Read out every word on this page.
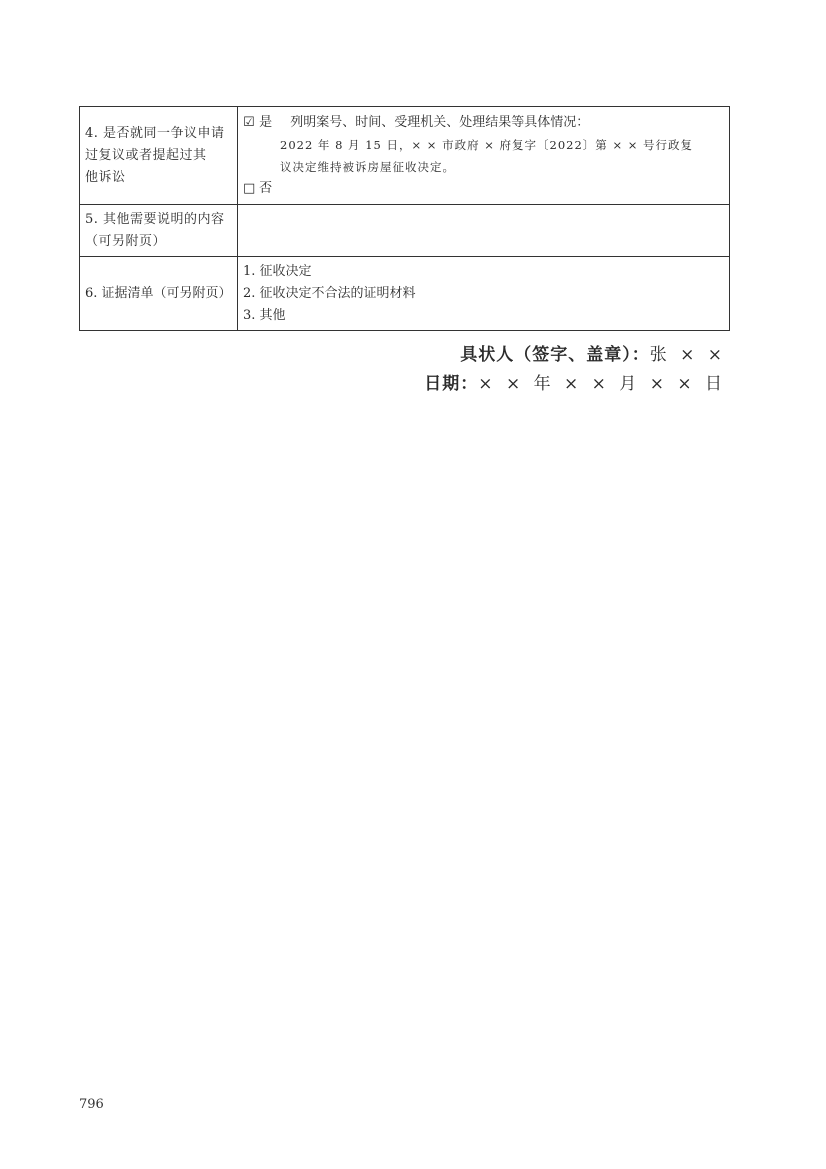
4. 是否就同一争议申请
过复议或者提起过其
他诉讼	☑ 是 列明案号、时间、受理机关、处理结果等具体情况：
2022 年 8 月 15 日，× × 市政府 × 府复字〔2022〕第 × × 号行政复
议决定维持被诉房屋征收决定。
□ 否

5. 其他需要说明的内容
（可另附页）	

6. 证据清单（可另附页）	1. 征收决定
2. 征收决定不合法的证明材料
3. 其他
具状人（签字、盖章）：张 × ×
日期：× × 年 × × 月 × × 日
796
